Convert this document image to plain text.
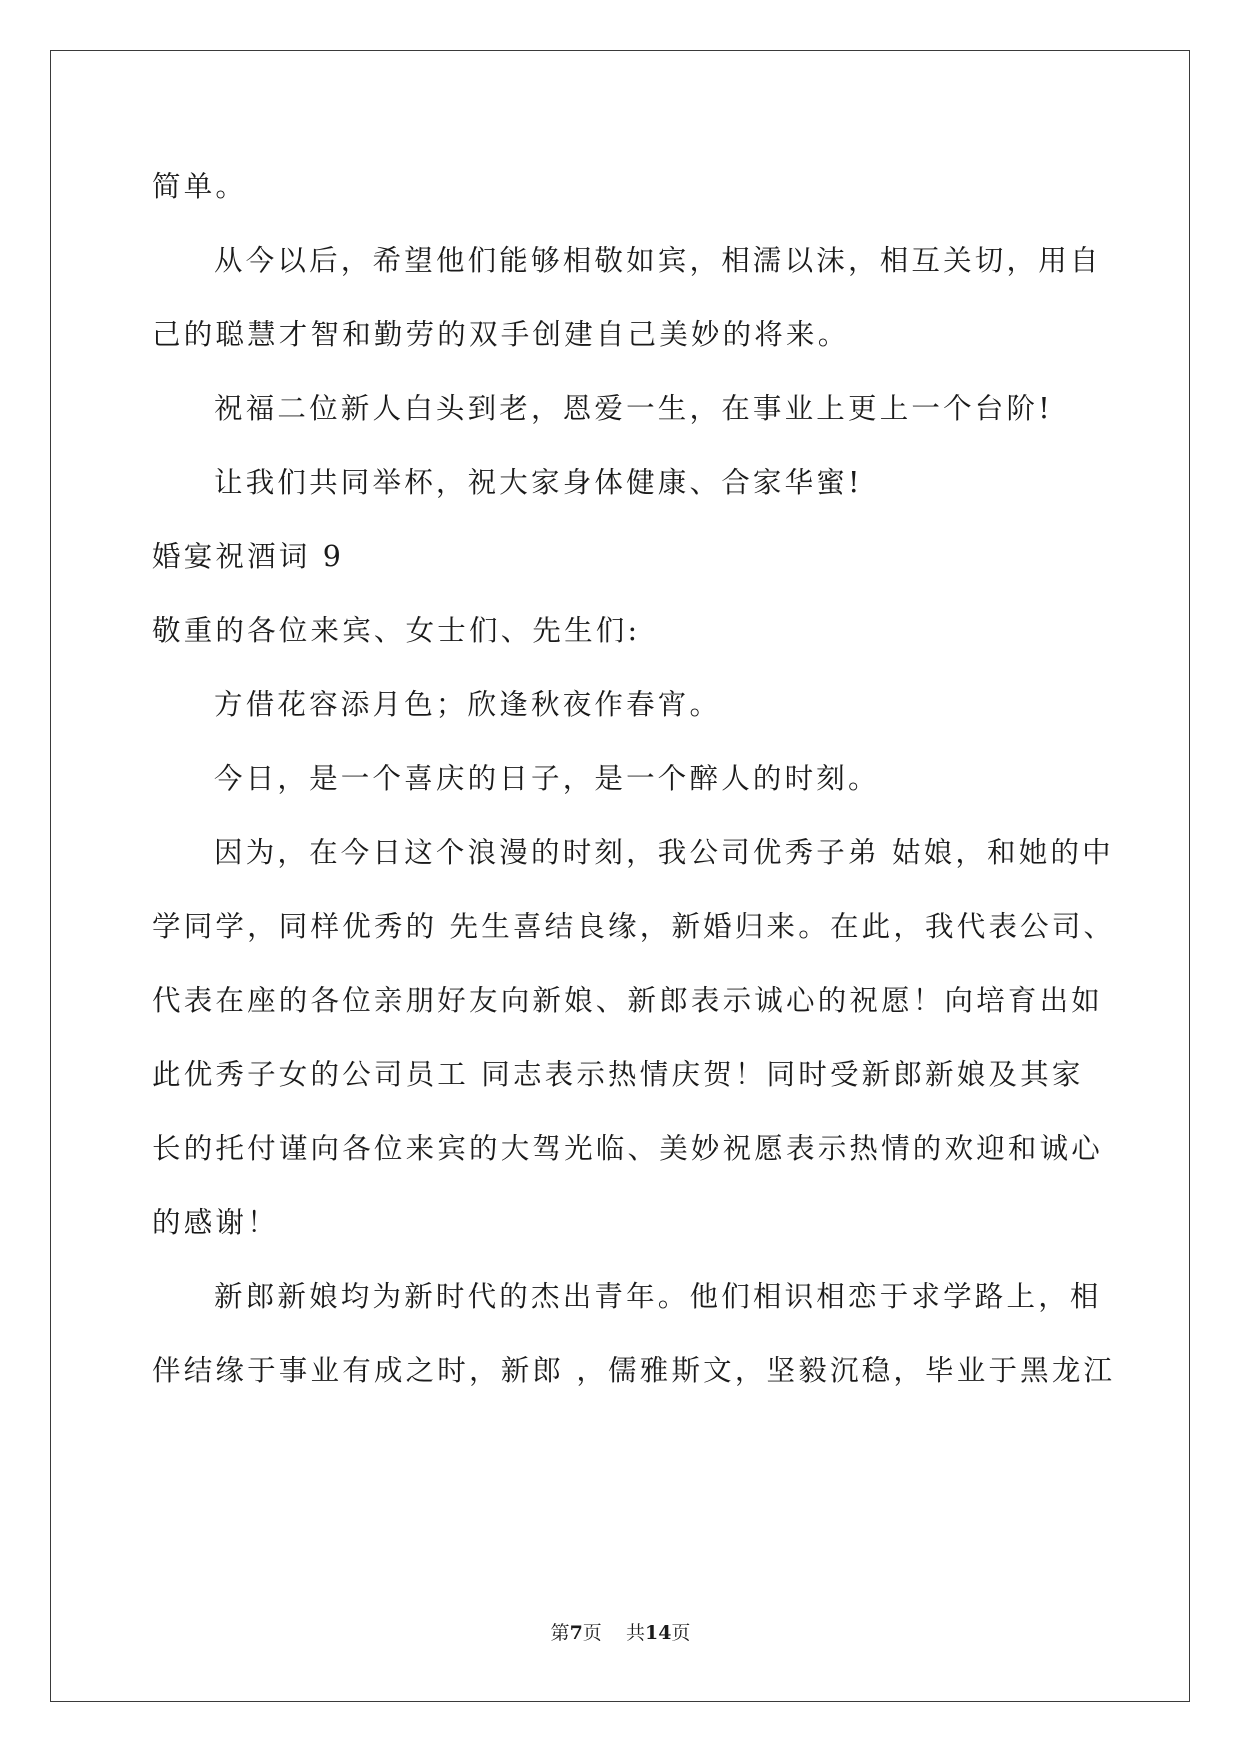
简单。
从今以后，希望他们能够相敬如宾，相濡以沫，相互关切，用自
己的聪慧才智和勤劳的双手创建自己美妙的将来。
祝福二位新人白头到老，恩爱一生，在事业上更上一个台阶!
让我们共同举杯，祝大家身体健康、合家华蜜!
婚宴祝酒词 9
敬重的各位来宾、女士们、先生们:
方借花容添月色；欣逢秋夜作春宵。
今日，是一个喜庆的日子，是一个醉人的时刻。
因为，在今日这个浪漫的时刻，我公司优秀子弟 姑娘，和她的中
学同学，同样优秀的 先生喜结良缘，新婚归来。在此，我代表公司、
代表在座的各位亲朋好友向新娘、新郎表示诚心的祝愿！向培育出如
此优秀子女的公司员工 同志表示热情庆贺！同时受新郎新娘及其家
长的托付谨向各位来宾的大驾光临、美妙祝愿表示热情的欢迎和诚心
的感谢！
新郎新娘均为新时代的杰出青年。他们相识相恋于求学路上，相
伴结缘于事业有成之时，新郎 ，儒雅斯文，坚毅沉稳，毕业于黑龙江
第7页    共14页
